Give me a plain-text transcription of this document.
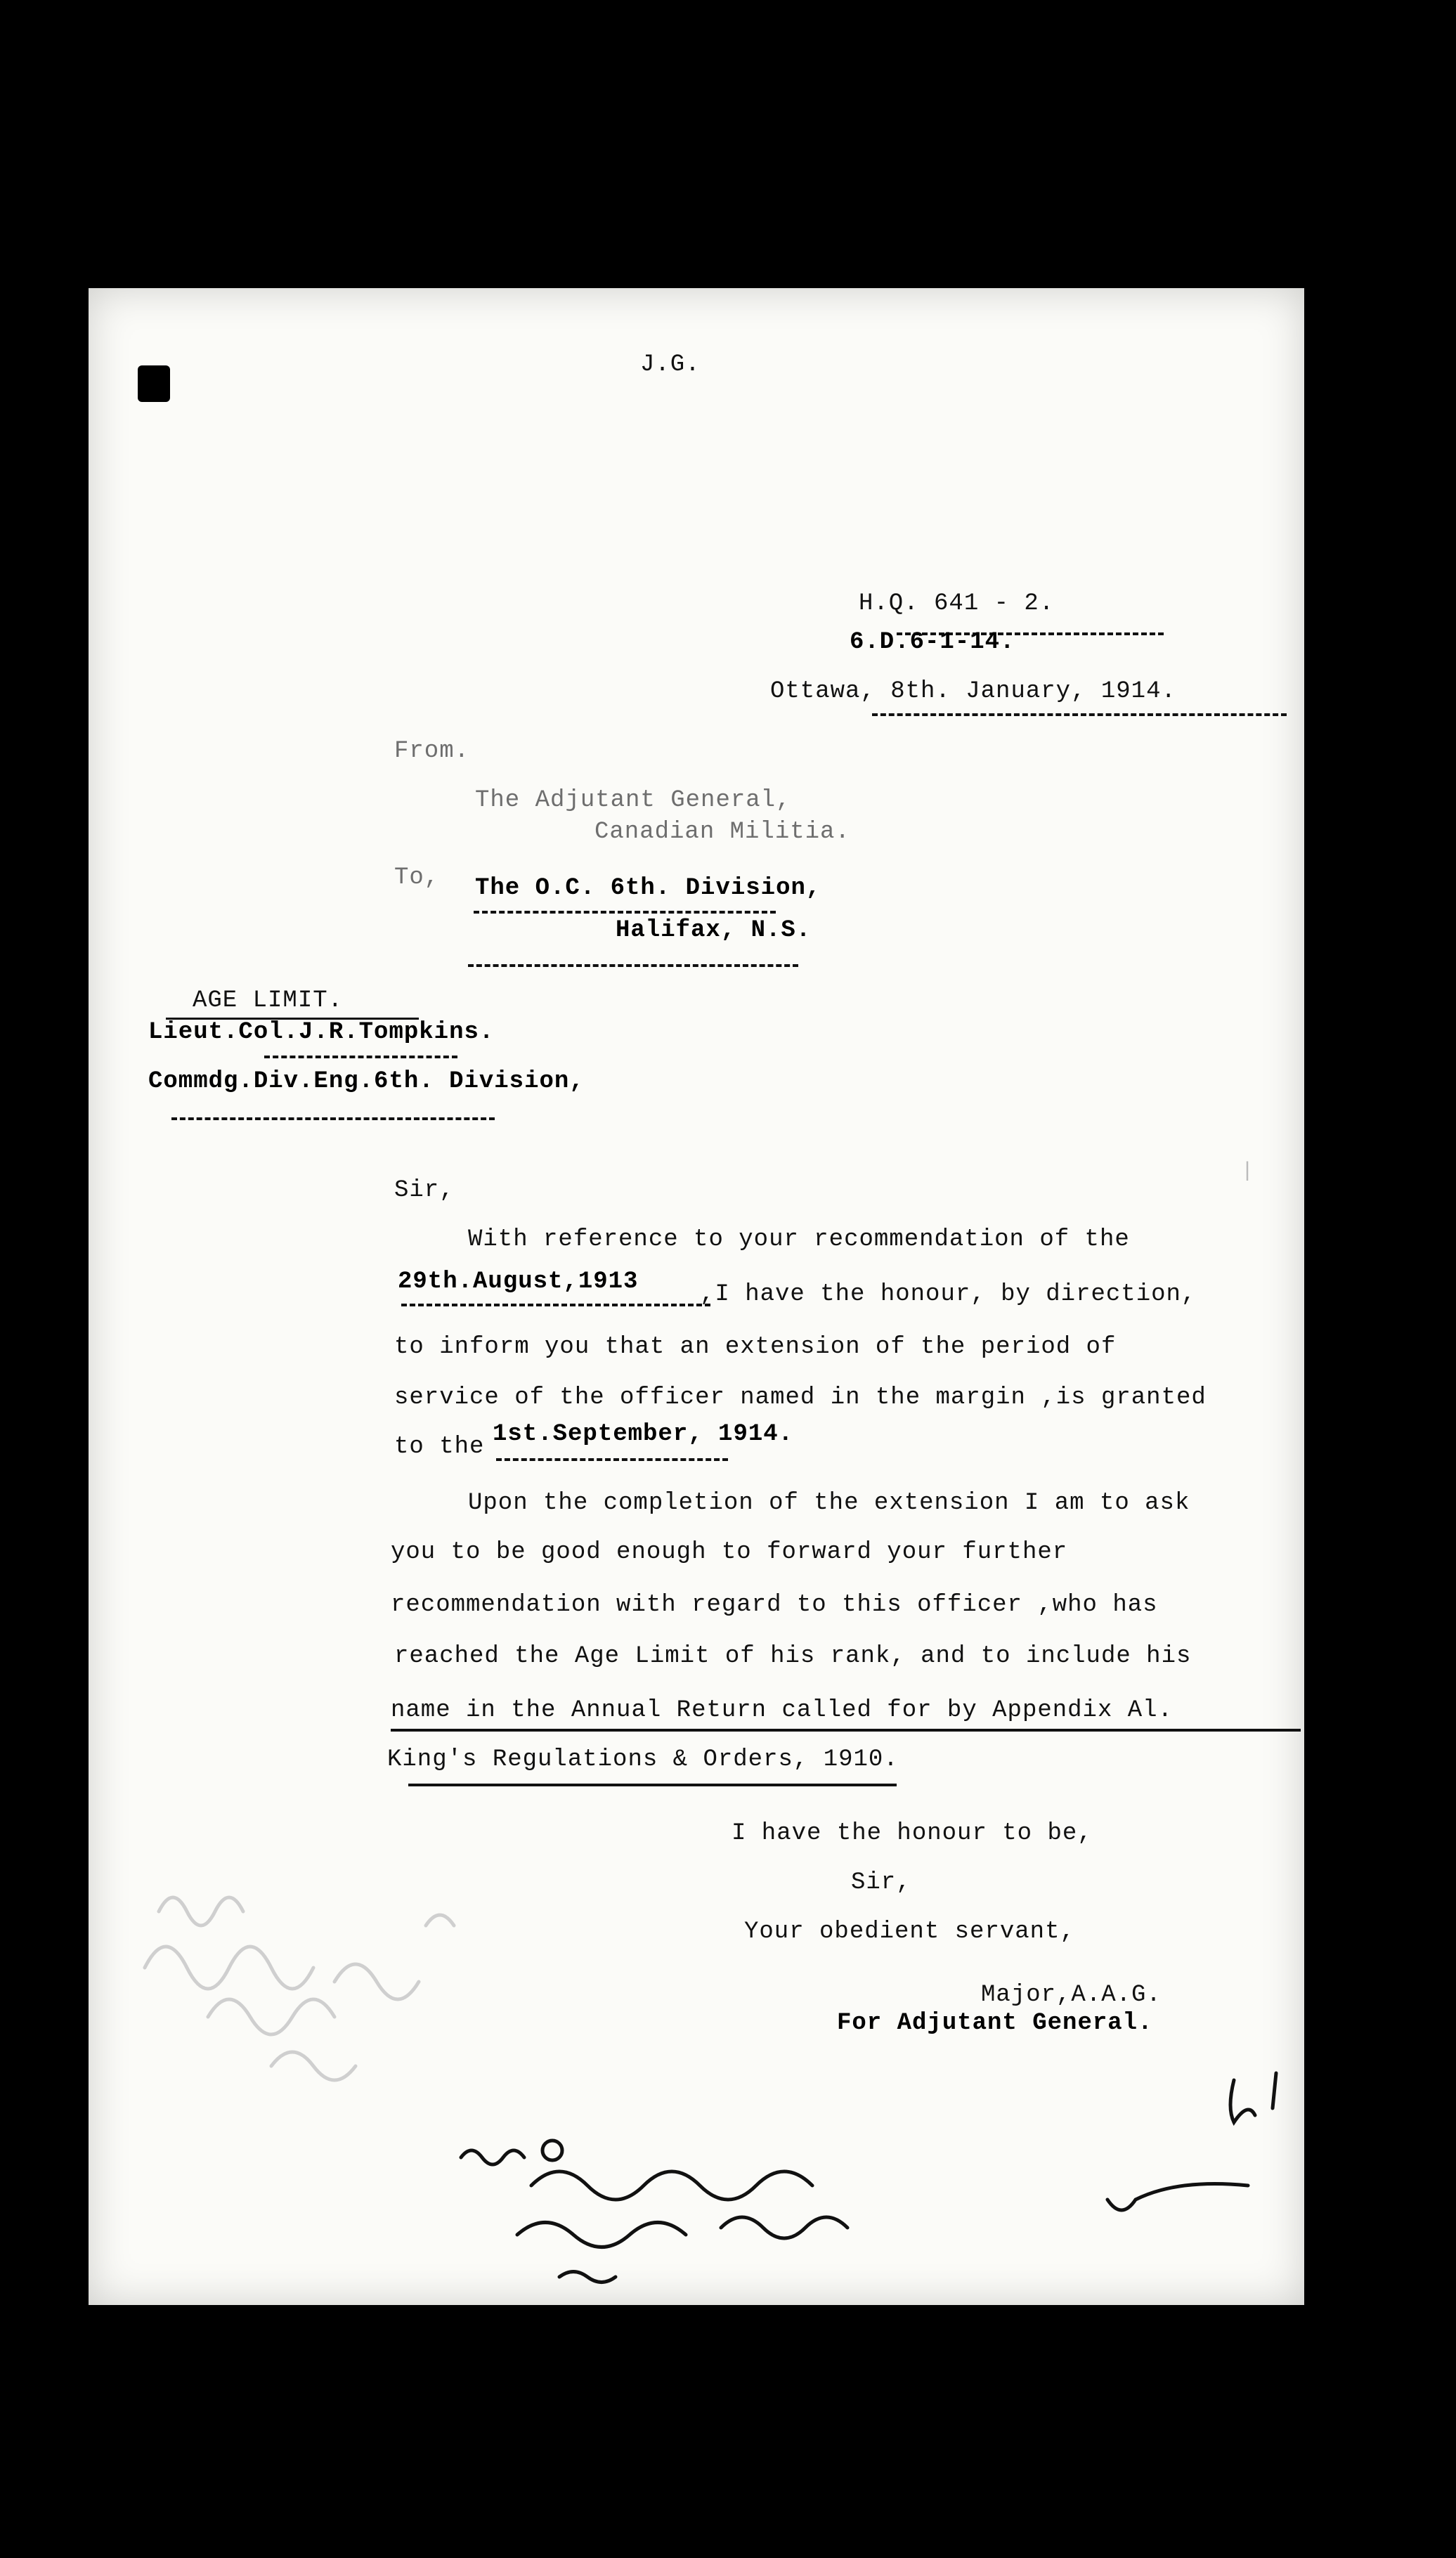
J.G.
H.Q. 641 - 2.
6.D.6-1-14.
Ottawa, 8th. January, 1914.
From.
The Adjutant General,
Canadian Militia.
To, The O.C. 6th. Division,
Halifax, N.S.
AGE LIMIT.
Lieut.Col.J.R.Tompkins.
Commdg.Div.Eng.6th. Division,
Sir,
With reference to your recommendation of the
29th.August,1913	,I have the honour, by direction,
to inform you that an extension of the period of
service of the officer named in the margin ,is granted
to the 1st.September, 1914.
Upon the completion of the extension I am to ask
you to be good enough to forward your further
recommendation with regard to this officer ,who has
reached the Age Limit of his rank, and to include his
name in the Annual Return called for by Appendix Al.
King's Regulations & Orders, 1910.
I have the honour to be,
Sir,
Your obedient servant,
Major,A.A.G.
For Adjutant General.
|
